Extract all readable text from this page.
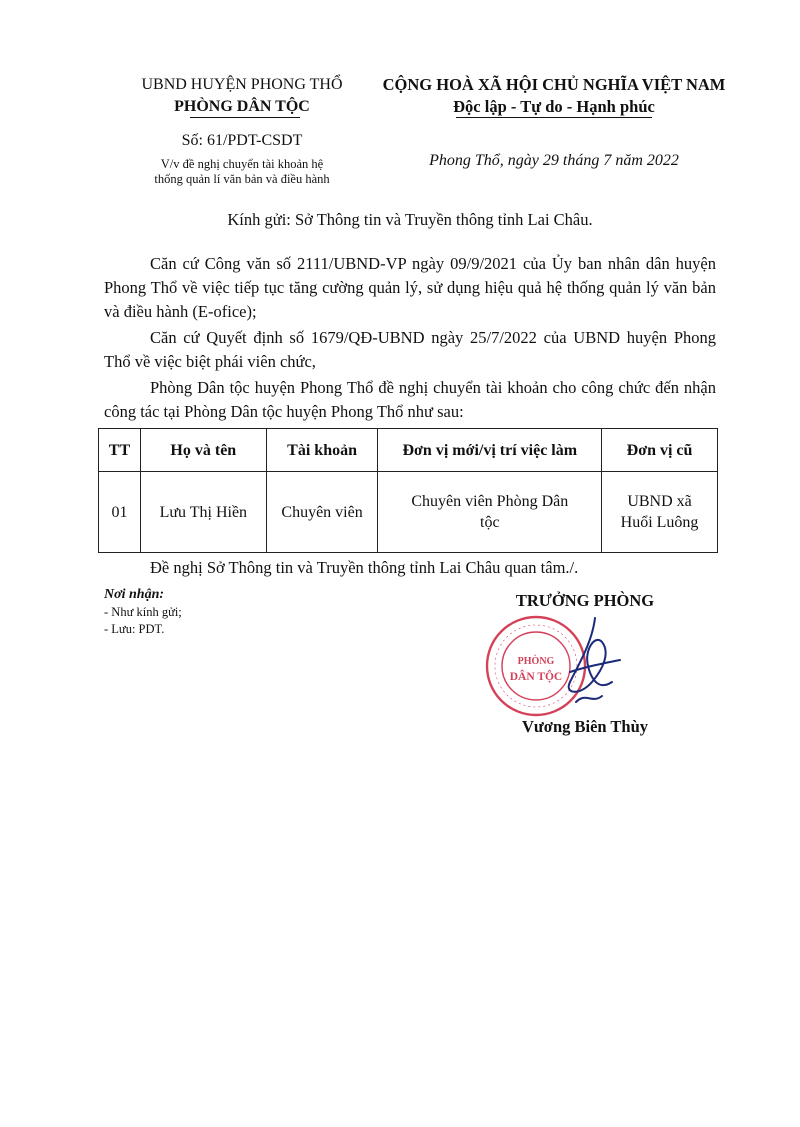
UBND HUYỆN PHONG THỔ
PHÒNG DÂN TỘC
Số: 61/PDT-CSDT
V/v đề nghị chuyển tài khoản hệ
thống quản lí văn bản và điều hành
CỘNG HOÀ XÃ HỘI CHỦ NGHĨA VIỆT NAM
Độc lập - Tự do - Hạnh phúc
Phong Thổ, ngày 29 tháng 7 năm 2022
Kính gửi: Sở Thông tin và Truyền thông tỉnh Lai Châu.
Căn cứ Công văn số 2111/UBND-VP ngày 09/9/2021 của Ủy ban nhân dân huyện Phong Thổ về việc tiếp tục tăng cường quản lý, sử dụng hiệu quả hệ thống quản lý văn bản và điều hành (E-ofice);
Căn cứ Quyết định số 1679/QĐ-UBND ngày 25/7/2022 của UBND huyện Phong Thổ về việc biệt phái viên chức,
Phòng Dân tộc huyện Phong Thổ đề nghị chuyển tài khoản cho công chức đến nhận công tác tại Phòng Dân tộc huyện Phong Thổ như sau:
TT	Họ và tên	Tài khoản	Đơn vị mới/vị trí việc làm	Đơn vị cũ
01	Lưu Thị Hiền	Chuyên viên	Chuyên viên Phòng Dân tộc	UBND xã Huổi Luông
Đề nghị Sở Thông tin và Truyền thông tỉnh Lai Châu quan tâm./.
Nơi nhận:
- Như kính gửi;
- Lưu: PDT.
TRƯỞNG PHÒNG
PHÒNG
DÂN TỘC
Vương Biên Thùy
